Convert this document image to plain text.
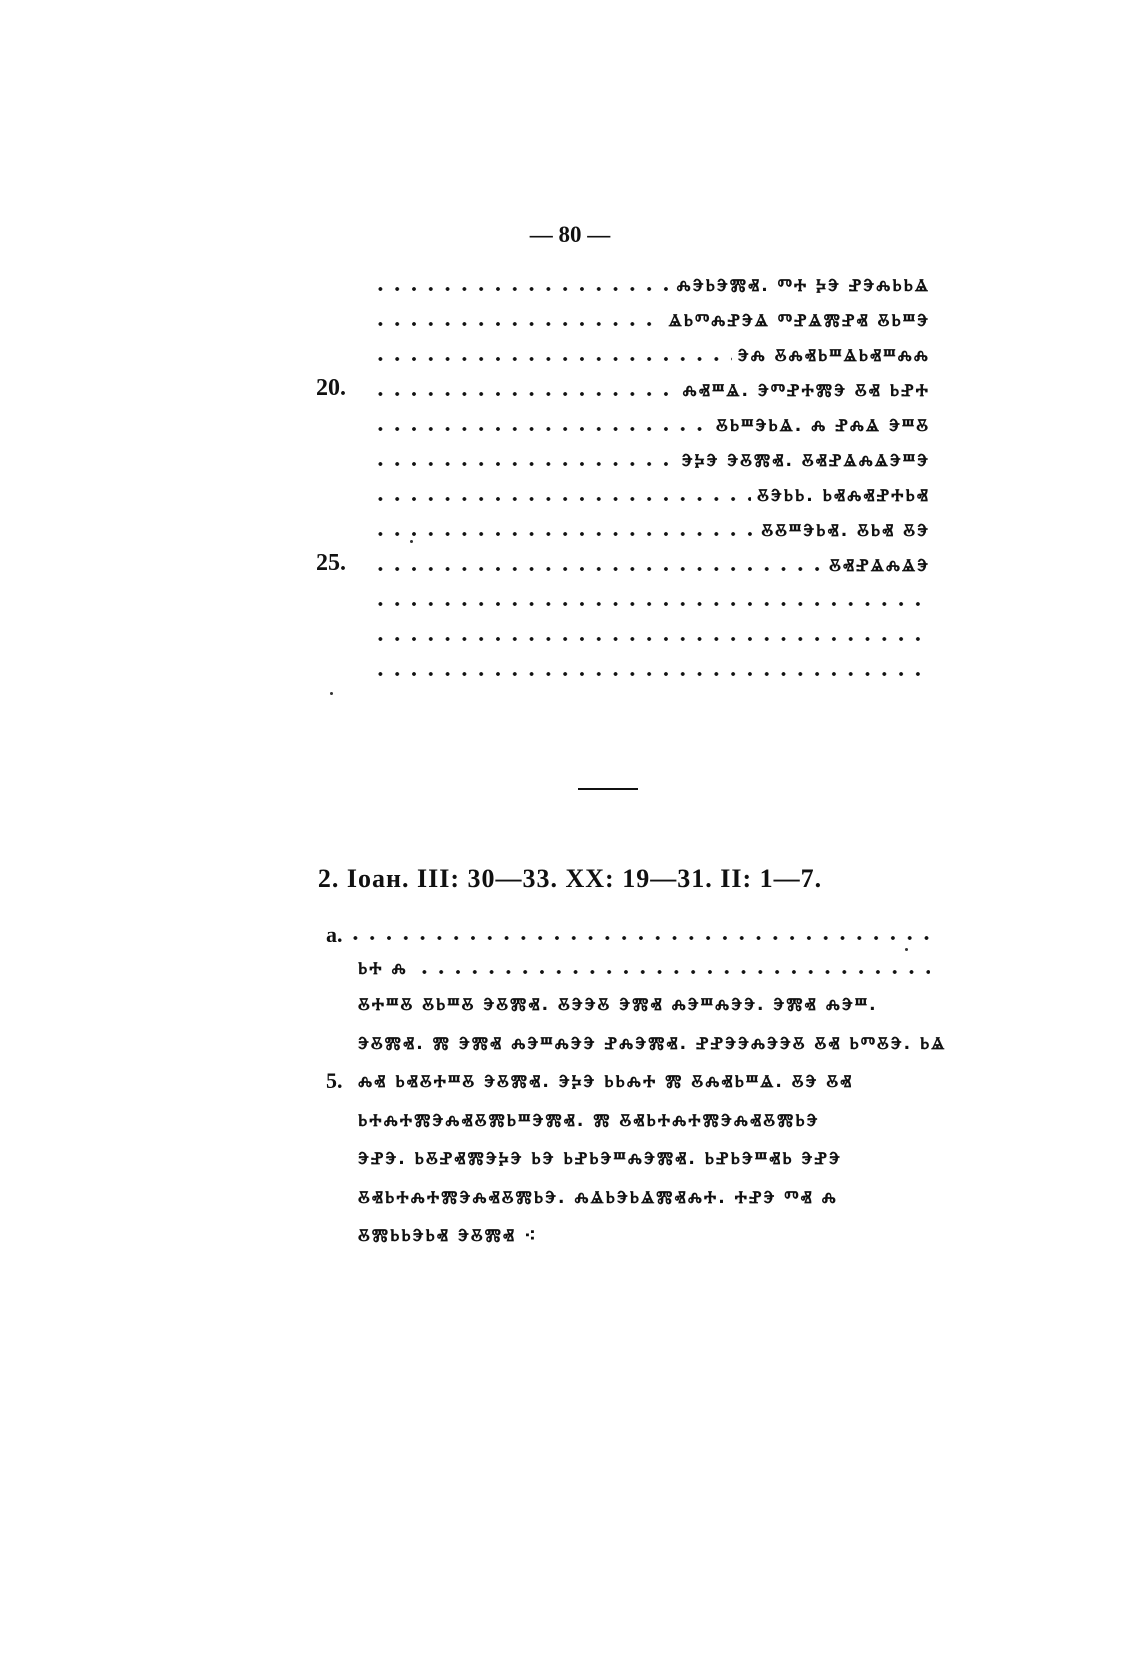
— 80 —
ⰎⰅⰓⰅⰏⰟ. ⰕⰀ ⰍⰅ ⰐⰅⰎⰓⰓⰡ
ⰡⰓⰕⰎⰐⰅⰡ ⰕⰐⰡⰏⰐⰟ ⰋⰓⰞⰅ
ⰅⰎ ⰋⰎⰟⰓⰞⰡⰓⰟⰞⰎⰎ
ⰎⰟⰞⰡ. ⰅⰕⰐⰀⰏⰅ ⰋⰟ ⰓⰐⰀ
20.
ⰋⰓⰞⰅⰓⰡ. Ⰾ ⰐⰎⰡ ⰅⰞⰋ
ⰅⰍⰅ ⰅⰋⰏⰟ. ⰋⰟⰐⰡⰎⰡⰅⰞⰅ
ⰋⰅⰓⰓ. ⰓⰟⰎⰟⰐⰀⰓⰟ
ⰋⰋⰞⰅⰓⰟ. ⰋⰓⰟ ⰋⰅ
ⰋⰟⰐⰡⰎⰡⰅ
25.
2. Іоан. III: 30—33. XX: 19—31. II: 1—7.
а.
ⰓⰀ Ⰾ
ⰋⰀⰞⰋ ⰋⰓⰞⰋ ⰅⰋⰏⰟ. ⰋⰅⰅⰋ ⰅⰏⰟ ⰎⰅⰞⰎⰅⰅ. ⰅⰏⰟ ⰎⰅⰞ.
ⰅⰋⰏⰟ. Ⰿ ⰅⰏⰟ ⰎⰅⰞⰎⰅⰅ ⰐⰎⰅⰏⰟ. ⰐⰐⰅⰅⰎⰅⰅⰋ ⰋⰟ ⰓⰕⰋⰅ. ⰓⰡ
ⰎⰟ ⰓⰟⰋⰀⰞⰋ ⰅⰋⰏⰟ. ⰅⰍⰅ ⰓⰓⰎⰀ Ⰿ ⰋⰎⰟⰓⰞⰡ. ⰋⰅ ⰋⰟ
5.
ⰓⰀⰎⰀⰏⰅⰎⰟⰋⰏⰓⰞⰅⰏⰟ. Ⰿ ⰋⰟⰓⰀⰎⰀⰏⰅⰎⰟⰋⰏⰓⰅ
ⰅⰐⰅ. ⰓⰋⰐⰟⰏⰅⰍⰅ ⰓⰅ ⰓⰐⰓⰅⰞⰎⰅⰏⰟ. ⰓⰐⰓⰅⰞⰟⰓ ⰅⰐⰅ
ⰋⰟⰓⰀⰎⰀⰏⰅⰎⰟⰋⰏⰓⰅ. ⰎⰡⰓⰅⰓⰡⰏⰟⰎⰀ. ⰀⰐⰅ ⰕⰟ Ⰾ
ⰋⰏⰓⰓⰅⰓⰟ ⰅⰋⰏⰟ ⁖
